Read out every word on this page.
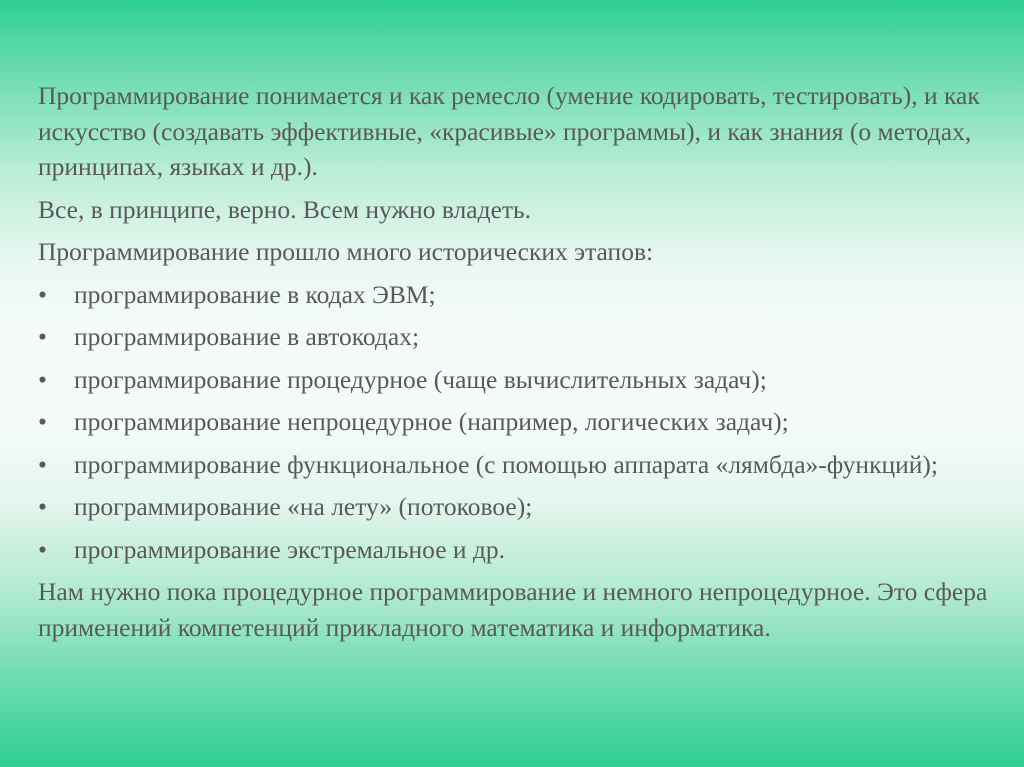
Программирование понимается и как ремесло (умение кодировать, тестировать), и как искусство (создавать эффективные, «красивые» программы), и как знания (о методах, принципах, языках и др.).

Все, в принципе, верно. Всем нужно владеть.

Программирование прошло много исторических этапов:

• программирование в кодах ЭВМ;
• программирование в автокодах;
• программирование процедурное (чаще вычислительных задач);
• программирование непроцедурное (например, логических задач);
• программирование функциональное (с помощью аппарата «лямбда»-функций);
• программирование «на лету» (потоковое);
• программирование экстремальное и др.

Нам нужно пока процедурное программирование и немного непроцедурное. Это сфера применений компетенций прикладного математика и информатика.
